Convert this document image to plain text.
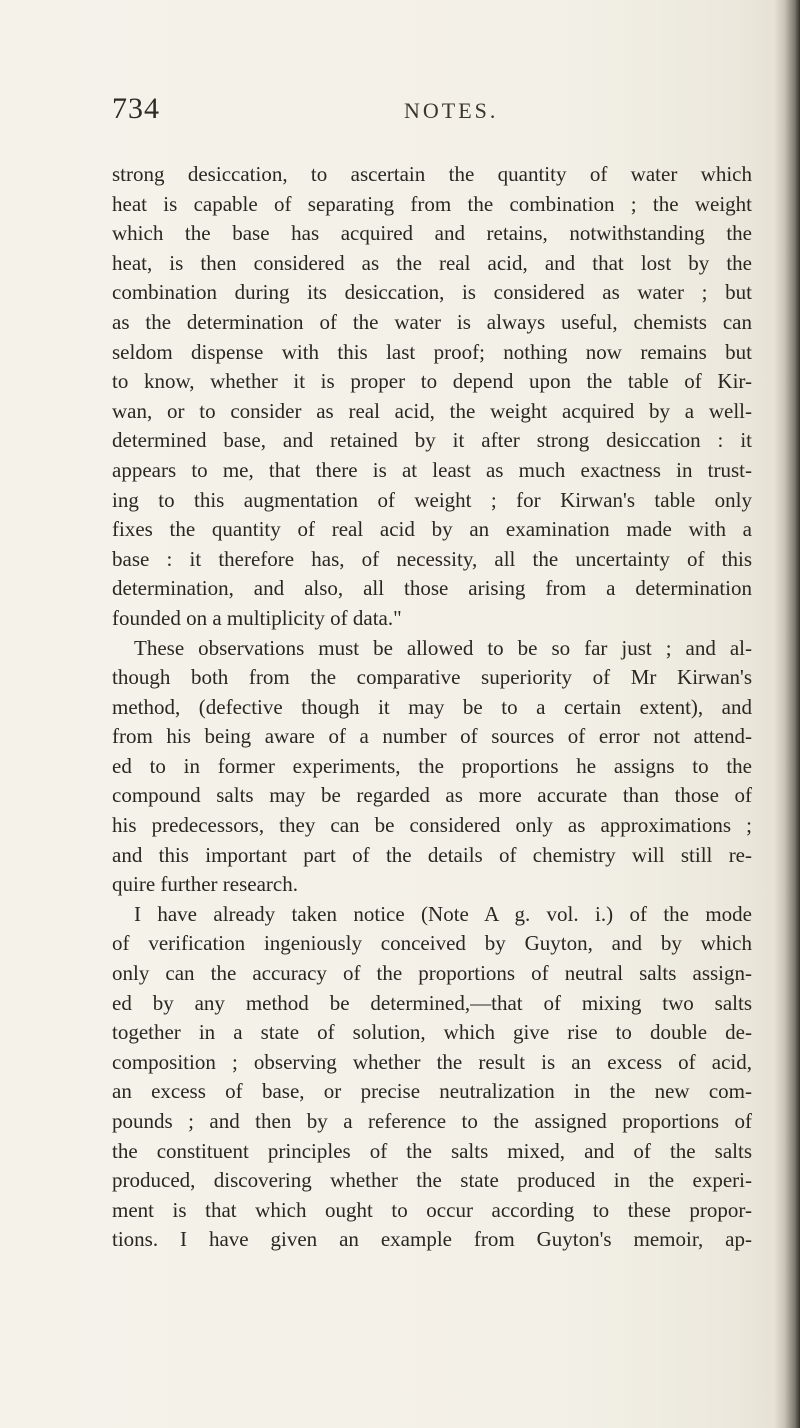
734	NOTES.
strong desiccation, to ascertain the quantity of water which
heat is capable of separating from the combination ; the weight
which the base has acquired and retains, notwithstanding the
heat, is then considered as the real acid, and that lost by the
combination during its desiccation, is considered as water ; but
as the determination of the water is always useful, chemists can
seldom dispense with this last proof; nothing now remains but
to know, whether it is proper to depend upon the table of Kir-
wan, or to consider as real acid, the weight acquired by a well-
determined base, and retained by it after strong desiccation : it
appears to me, that there is at least as much exactness in trust-
ing to this augmentation of weight ; for Kirwan's table only
fixes the quantity of real acid by an examination made with a
base : it therefore has, of necessity, all the uncertainty of this
determination, and also, all those arising from a determination
founded on a multiplicity of data."
These observations must be allowed to be so far just ; and al-
though both from the comparative superiority of Mr Kirwan's
method, (defective though it may be to a certain extent), and
from his being aware of a number of sources of error not attend-
ed to in former experiments, the proportions he assigns to the
compound salts may be regarded as more accurate than those of
his predecessors, they can be considered only as approximations ;
and this important part of the details of chemistry will still re-
quire further research.
I have already taken notice (Note A g. vol. i.) of the mode
of verification ingeniously conceived by Guyton, and by which
only can the accuracy of the proportions of neutral salts assign-
ed by any method be determined,—that of mixing two salts
together in a state of solution, which give rise to double de-
composition ; observing whether the result is an excess of acid,
an excess of base, or precise neutralization in the new com-
pounds ; and then by a reference to the assigned proportions of
the constituent principles of the salts mixed, and of the salts
produced, discovering whether the state produced in the experi-
ment is that which ought to occur according to these propor-
tions. I have given an example from Guyton's memoir, ap-
